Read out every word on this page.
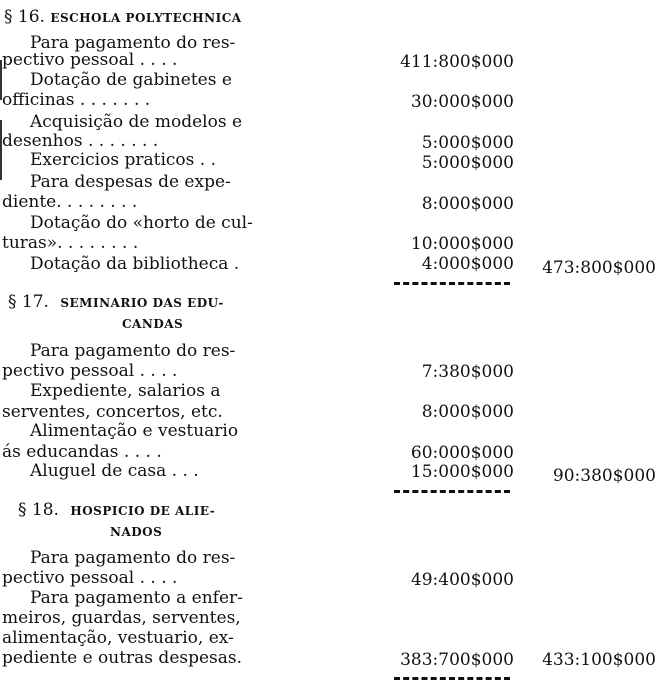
§ 16. ESCHOLA POLYTECHNICA
Para pagamento do res-
pectivo pessoal . . . .	411:800$000
Dotação de gabinetes e
officinas . . . . . . .	30:000$000
Acquisição de modelos e
desenhos . . . . . . .	5:000$000
Exercicios praticos . .	5:000$000
Para despesas de expe-
diente. . . . . . . .	8:000$000
Dotação do «horto de cul-
turas». . . . . . . .	10:000$000
Dotação da bibliotheca .	4:000$000 473:800$000
§ 17. SEMINARIO DAS EDU-
CANDAS
Para pagamento do res-
pectivo pessoal . . . .	7:380$000
Expediente, salarios a
serventes, concertos, etc.	8:000$000
Alimentação e vestuario
ás educandas . . . .	60:000$000
Aluguel de casa . . .	15:000$000 90:380$000
§ 18. HOSPICIO DE ALIE-
NADOS
Para pagamento do res-
pectivo pessoal . . . .	49:400$000
Para pagamento a enfer-
meiros, guardas, serventes,
alimentação, vestuario, ex-
pediente e outras despesas.	383:700$000 433:100$000
